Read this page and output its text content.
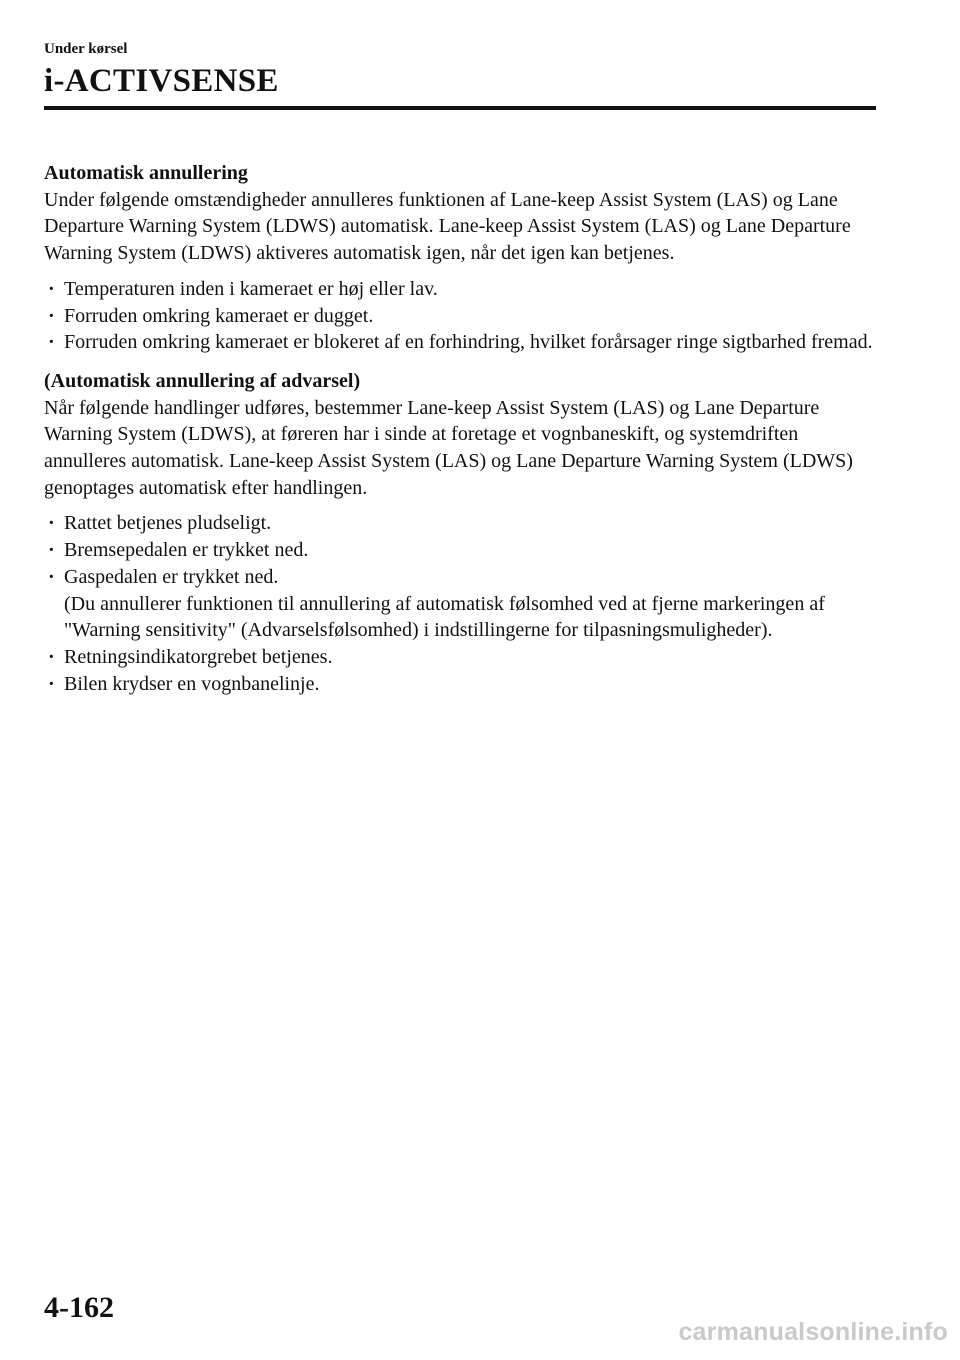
Under kørsel
i-ACTIVSENSE
Automatisk annullering

Under følgende omstændigheder annulleres funktionen af Lane-keep Assist System (LAS) og Lane Departure Warning System (LDWS) automatisk. Lane-keep Assist System (LAS) og Lane Departure Warning System (LDWS) aktiveres automatisk igen, når det igen kan betjenes.

· Temperaturen inden i kameraet er høj eller lav.
· Forruden omkring kameraet er dugget.
· Forruden omkring kameraet er blokeret af en forhindring, hvilket forårsager ringe sigtbarhed fremad.
(Automatisk annullering af advarsel)

Når følgende handlinger udføres, bestemmer Lane-keep Assist System (LAS) og Lane Departure Warning System (LDWS), at føreren har i sinde at foretage et vognbaneskift, og systemdriften annulleres automatisk. Lane-keep Assist System (LAS) og Lane Departure Warning System (LDWS) genoptages automatisk efter handlingen.

· Rattet betjenes pludseligt.
· Bremsepedalen er trykket ned.
· Gaspedalen er trykket ned.
(Du annullerer funktionen til annullering af automatisk følsomhed ved at fjerne markeringen af "Warning sensitivity" (Advarselsfølsomhed) i indstillingerne for tilpasningsmuligheder).
· Retningsindikatorgrebet betjenes.
· Bilen krydser en vognbanelinje.
4-162
carmanualsonline.info
